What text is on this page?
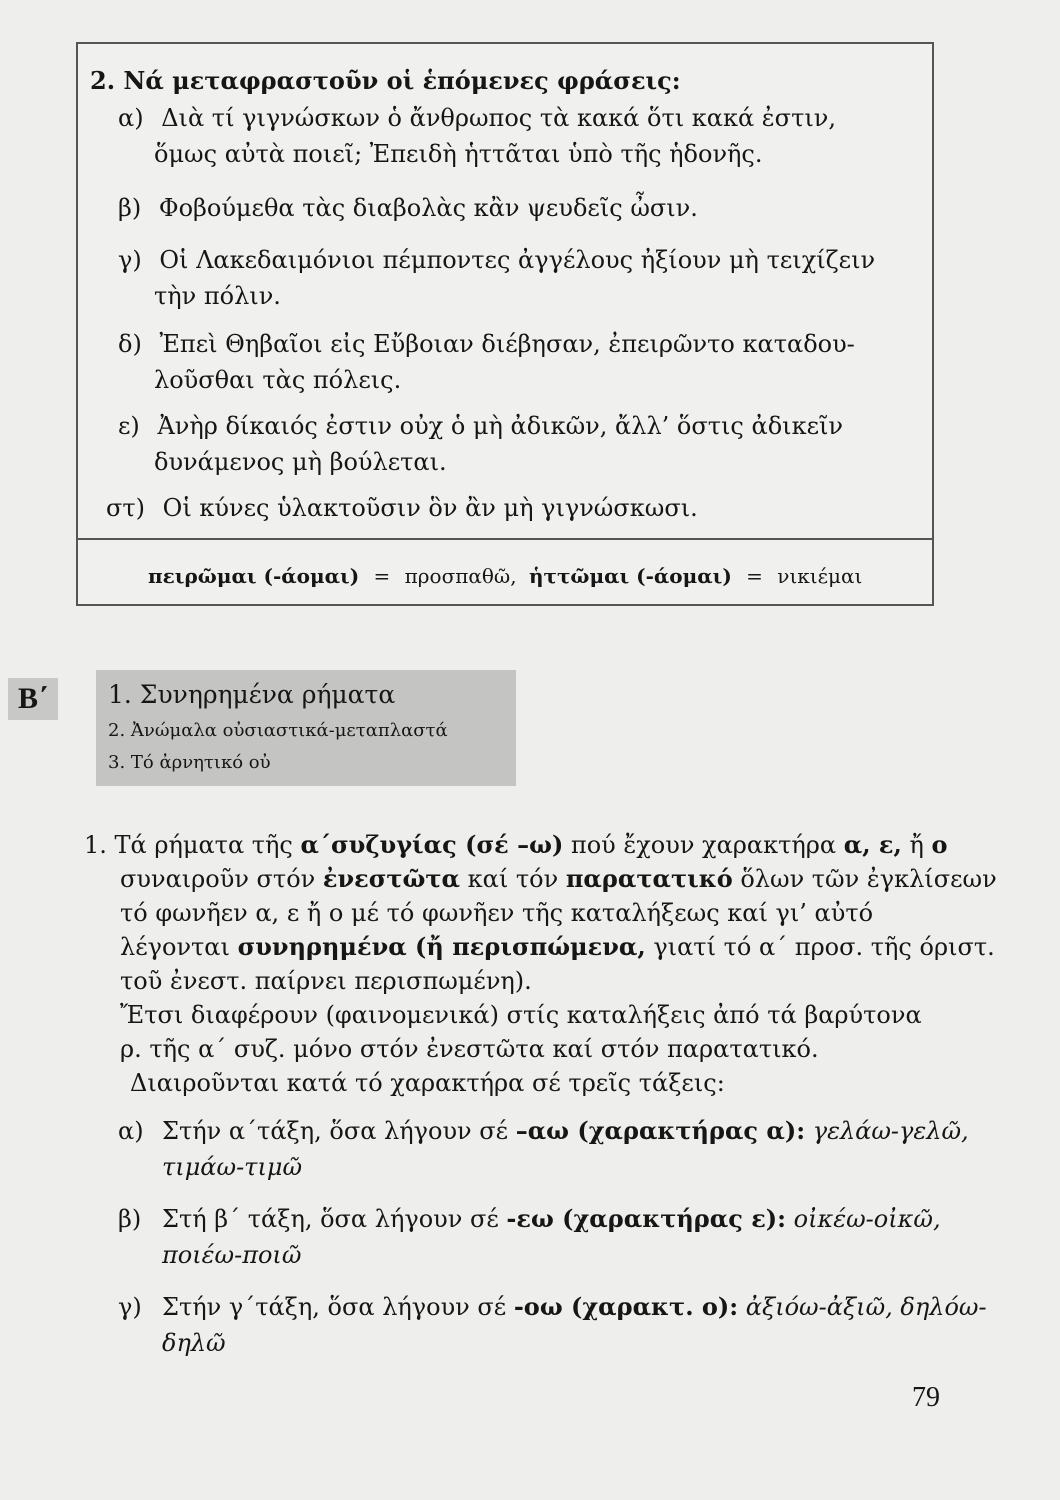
2. Νά μεταφραστοῦν οἱ ἑπόμενες φράσεις:
α) Διὰ τί γιγνώσκων ὁ ἄνθρωπος τὰ κακά ὅτι κακά ἐστιν,
ὅμως αὐτὰ ποιεῖ; Ἐπειδὴ ἡττᾶται ὑπὸ τῆς ἡδονῆς.
β) Φοβούμεθα τὰς διαβολὰς κἂν ψευδεῖς ὦσιν.
γ) Οἱ Λακεδαιμόνιοι πέμποντες ἀγγέλους ἠξίουν μὴ τειχίζειν
τὴν πόλιν.
δ) Ἐπεὶ Θηβαῖοι εἰς Εὔβοιαν διέβησαν, ἐπειρῶντο καταδου-
λοῦσθαι τὰς πόλεις.
ε) Ἀνὴρ δίκαιός ἐστιν οὐχ ὁ μὴ ἀδικῶν, ἄλλ’ ὅστις ἀδικεῖν
δυνάμενος μὴ βούλεται.
στ) Οἱ κύνες ὑλακτοῦσιν ὃν ἂν μὴ γιγνώσκωσι.
πειρῶμαι (-άομαι) = προσπαθῶ, ἡττῶμαι (-άομαι) = νικιέμαι
Β΄	1. Συνηρημένα ρήματα
2. Ἀνώμαλα οὐσιαστικά-μεταπλαστά
3. Τό ἀρνητικό οὐ
1. Τά ρήματα τῆς α΄συζυγίας (σέ –ω) πού ἔχουν χαρακτήρα α, ε, ἤ ο
συναιροῦν στόν ἐνεστῶτα καί τόν παρατατικό ὅλων τῶν ἐγκλίσεων
τό φωνῆεν α, ε ἤ ο μέ τό φωνῆεν τῆς καταλήξεως καί γι’ αὐτό
λέγονται συνηρημένα (ἤ περισπώμενα, γιατί τό α΄ προσ. τῆς όριστ.
τοῦ ἐνεστ. παίρνει περισπωμένη).
Ἔτσι διαφέρουν (φαινομενικά) στίς καταλήξεις ἀπό τά βαρύτονα
ρ. τῆς α΄ συζ. μόνο στόν ἐνεστῶτα καί στόν παρατατικό.
Διαιροῦνται κατά τό χαρακτήρα σέ τρεῖς τάξεις:
α) Στήν α΄τάξη, ὅσα λήγουν σέ –αω (χαρακτήρας α): γελάω-γελῶ,
τιμάω-τιμῶ
β) Στή β΄ τάξη, ὅσα λήγουν σέ -εω (χαρακτήρας ε): οἰκέω-οἰκῶ,
ποιέω-ποιῶ
γ) Στήν γ΄τάξη, ὅσα λήγουν σέ -οω (χαρακτ. ο): ἀξιόω-ἀξιῶ, δηλόω-
δηλῶ
79
